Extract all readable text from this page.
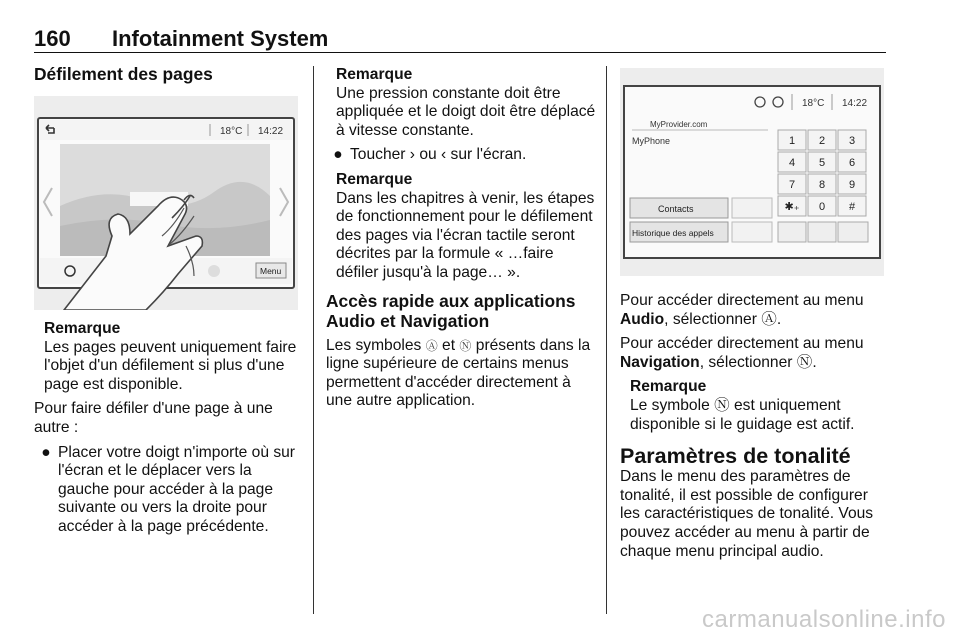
160 Infotainment System
Défilement des pages
18°C 14:22
Menu
Remarque
Les pages peuvent uniquement faire l'objet d'un défilement si plus d'une page est disponible.
Pour faire défiler d'une page à une autre :
● Placer votre doigt n'importe où sur l'écran et le déplacer vers la gauche pour accéder à la page suivante ou vers la droite pour accéder à la page précédente.
Remarque
Une pression constante doit être appliquée et le doigt doit être déplacé à vitesse constante.
● Toucher › ou ‹ sur l'écran.
Remarque
Dans les chapitres à venir, les étapes de fonctionnement pour le défilement des pages via l'écran tactile seront décrites par la formule « …faire défiler jusqu'à la page… ».
Accès rapide aux applications Audio et Navigation
Les symboles Ⓐ et Ⓝ présents dans la ligne supérieure de certains menus permettent d'accéder directement à une autre application.
18°C 14:22
MyProvider.com
MyPhone	1 2 3
4 5 6
7 8 9
✱₊ 0 #
Contacts
Historique des appels
Pour accéder directement au menu Audio, sélectionner Ⓐ.
Pour accéder directement au menu Navigation, sélectionner Ⓝ.
Remarque
Le symbole Ⓝ est uniquement disponible si le guidage est actif.
Paramètres de tonalité
Dans le menu des paramètres de tonalité, il est possible de configurer les caractéristiques de tonalité. Vous pouvez accéder au menu à partir de chaque menu principal audio.
carmanualsonline.info
